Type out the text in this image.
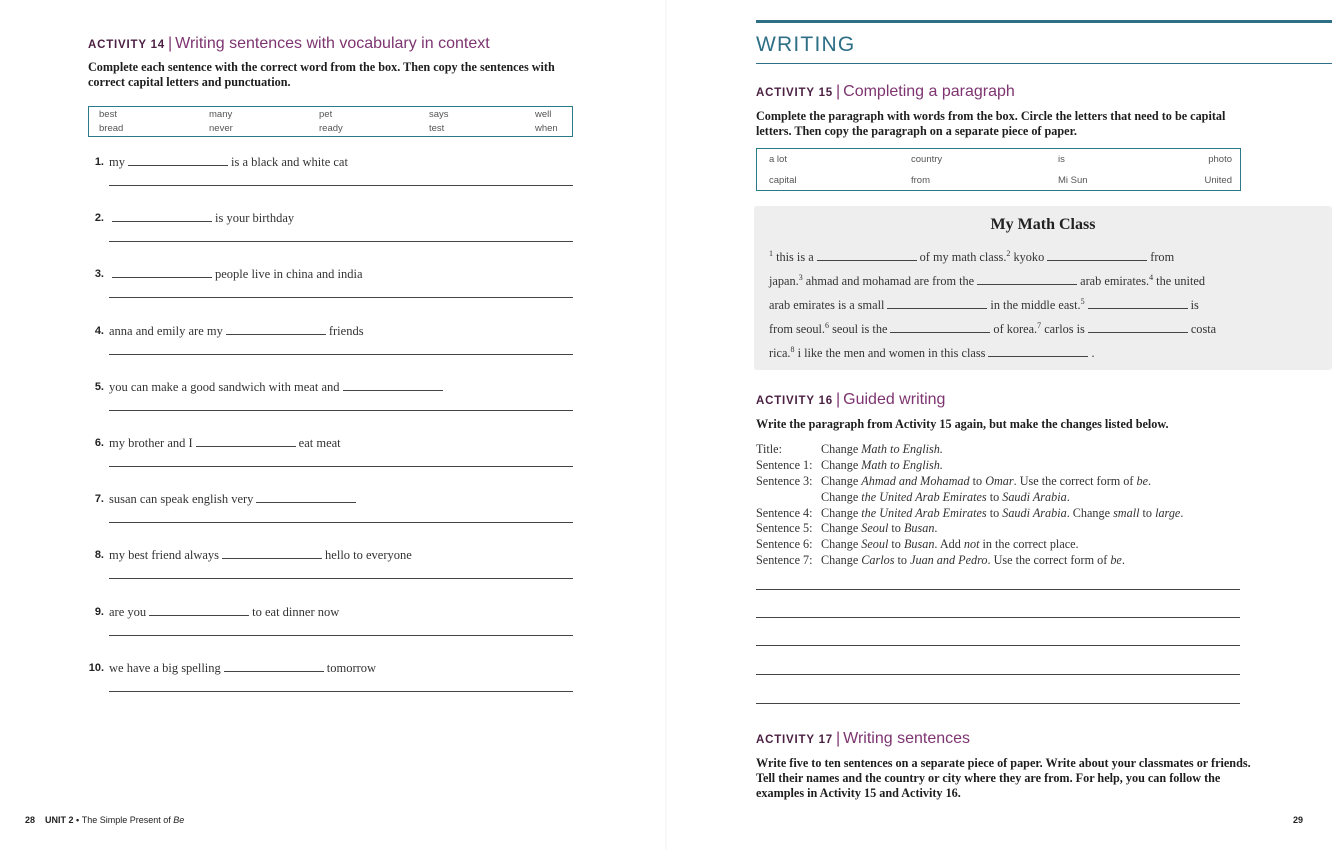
ACTIVITY 14 | Writing sentences with vocabulary in context
Complete each sentence with the correct word from the box. Then copy the sentences with
correct capital letters and punctuation.
best	many	pet	says	well
bread	never	ready	test	when
1. my	is a black and white cat
2.	is your birthday
3.	people live in china and india
4. anna and emily are my	friends
5. you can make a good sandwich with meat and
6. my brother and I	eat meat
7. susan can speak english very
8. my best friend always	hello to everyone
9. are you	to eat dinner now
10. we have a big spelling	tomorrow
28 UNIT 2 • The Simple Present of Be
WRITING
ACTIVITY 15 | Completing a paragraph
Complete the paragraph with words from the box. Circle the letters that need to be capital
letters. Then copy the paragraph on a separate piece of paper.
a lot	country	is	photo
capital	from	Mi Sun	United
My Math Class
$^1$ this is a	of my math class.$^2$ kyoko	from
japan.$^3$ ahmad and mohamad are from the	arab emirates.$^4$ the united
arab emirates is a small	in the middle east.$^5$	is
from seoul.$^6$ seoul is the	of korea.$^7$ carlos is	costa
rica.$^8$ i like the men and women in this class	.
ACTIVITY 16 | Guided writing
Write the paragraph from Activity 15 again, but make the changes listed below.
Title:	Change Math to English.
Sentence 1: Change Math to English.
Sentence 3: Change Ahmad and Mohamad to Omar. Use the correct form of be.
Change the United Arab Emirates to Saudi Arabia.
Sentence 4: Change the United Arab Emirates to Saudi Arabia. Change small to large.
Sentence 5: Change Seoul to Busan.
Sentence 6: Change Seoul to Busan. Add not in the correct place.
Sentence 7: Change Carlos to Juan and Pedro. Use the correct form of be.
ACTIVITY 17 | Writing sentences
Write five to ten sentences on a separate piece of paper. Write about your classmates or friends.
Tell their names and the country or city where they are from. For help, you can follow the
examples in Activity 15 and Activity 16.
29
